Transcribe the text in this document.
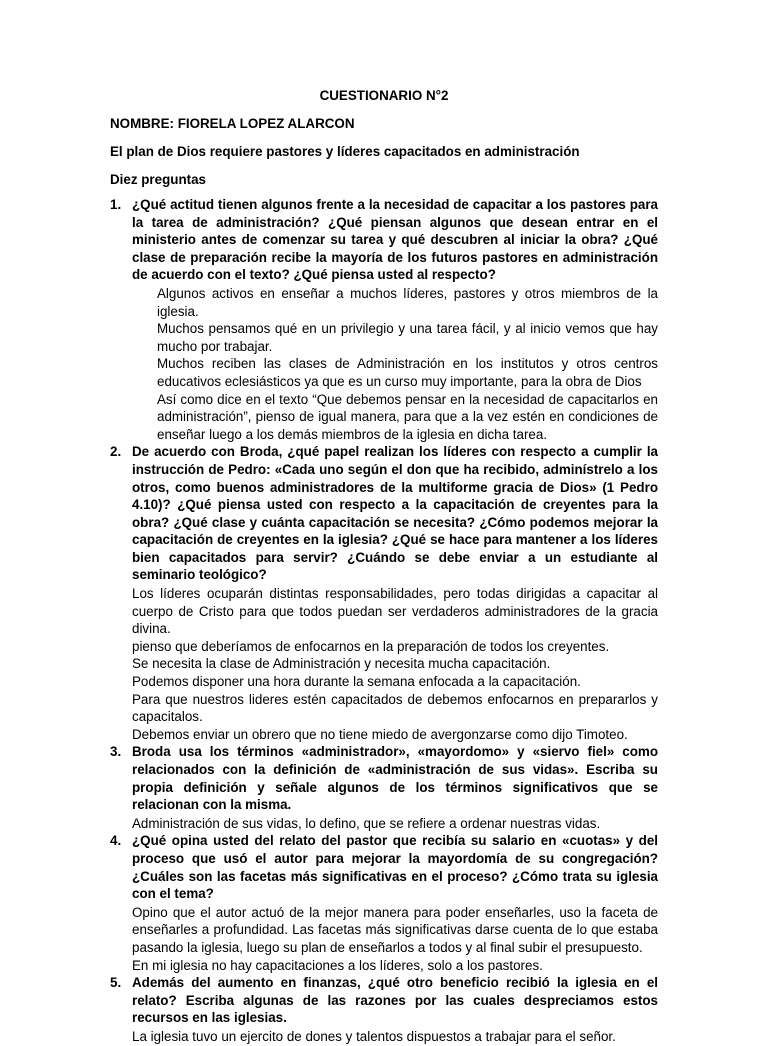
CUESTIONARIO N°2
NOMBRE: FIORELA LOPEZ ALARCON
El plan de Dios requiere pastores y líderes capacitados en administración
Diez preguntas
1. ¿Qué actitud tienen algunos frente a la necesidad de capacitar a los pastores para la tarea de administración? ¿Qué piensan algunos que desean entrar en el ministerio antes de comenzar su tarea y qué descubren al iniciar la obra? ¿Qué clase de preparación recibe la mayoría de los futuros pastores en administración de acuerdo con el texto? ¿Qué piensa usted al respecto?

Algunos activos en enseñar a muchos líderes, pastores y otros miembros de la iglesia.

Muchos pensamos qué en un privilegio y una tarea fácil, y al inicio vemos que hay mucho por trabajar.

Muchos reciben las clases de Administración en los institutos y otros centros educativos eclesiásticos ya que es un curso muy importante, para la obra de Dios

Así como dice en el texto “Que debemos pensar en la necesidad de capacitarlos en administración”, pienso de igual manera, para que a la vez estén en condiciones de enseñar luego a los demás miembros de la iglesia en dicha tarea.

2. De acuerdo con Broda, ¿qué papel realizan los líderes con respecto a cumplir la instrucción de Pedro: «Cada uno según el don que ha recibido, adminístrelo a los otros, como buenos administradores de la multiforme gracia de Dios» (1 Pedro 4.10)? ¿Qué piensa usted con respecto a la capacitación de creyentes para la obra? ¿Qué clase y cuánta capacitación se necesita? ¿Cómo podemos mejorar la capacitación de creyentes en la iglesia? ¿Qué se hace para mantener a los líderes bien capacitados para servir? ¿Cuándo se debe enviar a un estudiante al seminario teológico?

Los líderes ocuparán distintas responsabilidades, pero todas dirigidas a capacitar al cuerpo de Cristo para que todos puedan ser verdaderos administradores de la gracia divina.

pienso que deberíamos de enfocarnos en la preparación de todos los creyentes.

Se necesita la clase de Administración y necesita mucha capacitación.

Podemos disponer una hora durante la semana enfocada a la capacitación.

Para que nuestros lideres estén capacitados de debemos enfocarnos en prepararlos y capacitalos.

Debemos enviar un obrero que no tiene miedo de avergonzarse como dijo Timoteo.

3. Broda usa los términos «administrador», «mayordomo» y «siervo fiel» como relacionados con la definición de «administración de sus vidas». Escriba su propia definición y señale algunos de los términos significativos que se relacionan con la misma.

Administración de sus vidas, lo defino, que se refiere a ordenar nuestras vidas.

4. ¿Qué opina usted del relato del pastor que recibía su salario en «cuotas» y del proceso que usó el autor para mejorar la mayordomía de su congregación? ¿Cuáles son las facetas más significativas en el proceso? ¿Cómo trata su iglesia con el tema?

Opino que el autor actuó de la mejor manera para poder enseñarles, uso la faceta de enseñarles a profundidad. Las facetas más significativas darse cuenta de lo que estaba pasando la iglesia, luego su plan de enseñarlos a todos y al final subir el presupuesto.

En mi iglesia no hay capacitaciones a los líderes, solo a los pastores.

5. Además del aumento en finanzas, ¿qué otro beneficio recibió la iglesia en el relato? Escriba algunas de las razones por las cuales despreciamos estos recursos en las iglesias.

La iglesia tuvo un ejercito de dones y talentos dispuestos a trabajar para el señor.
